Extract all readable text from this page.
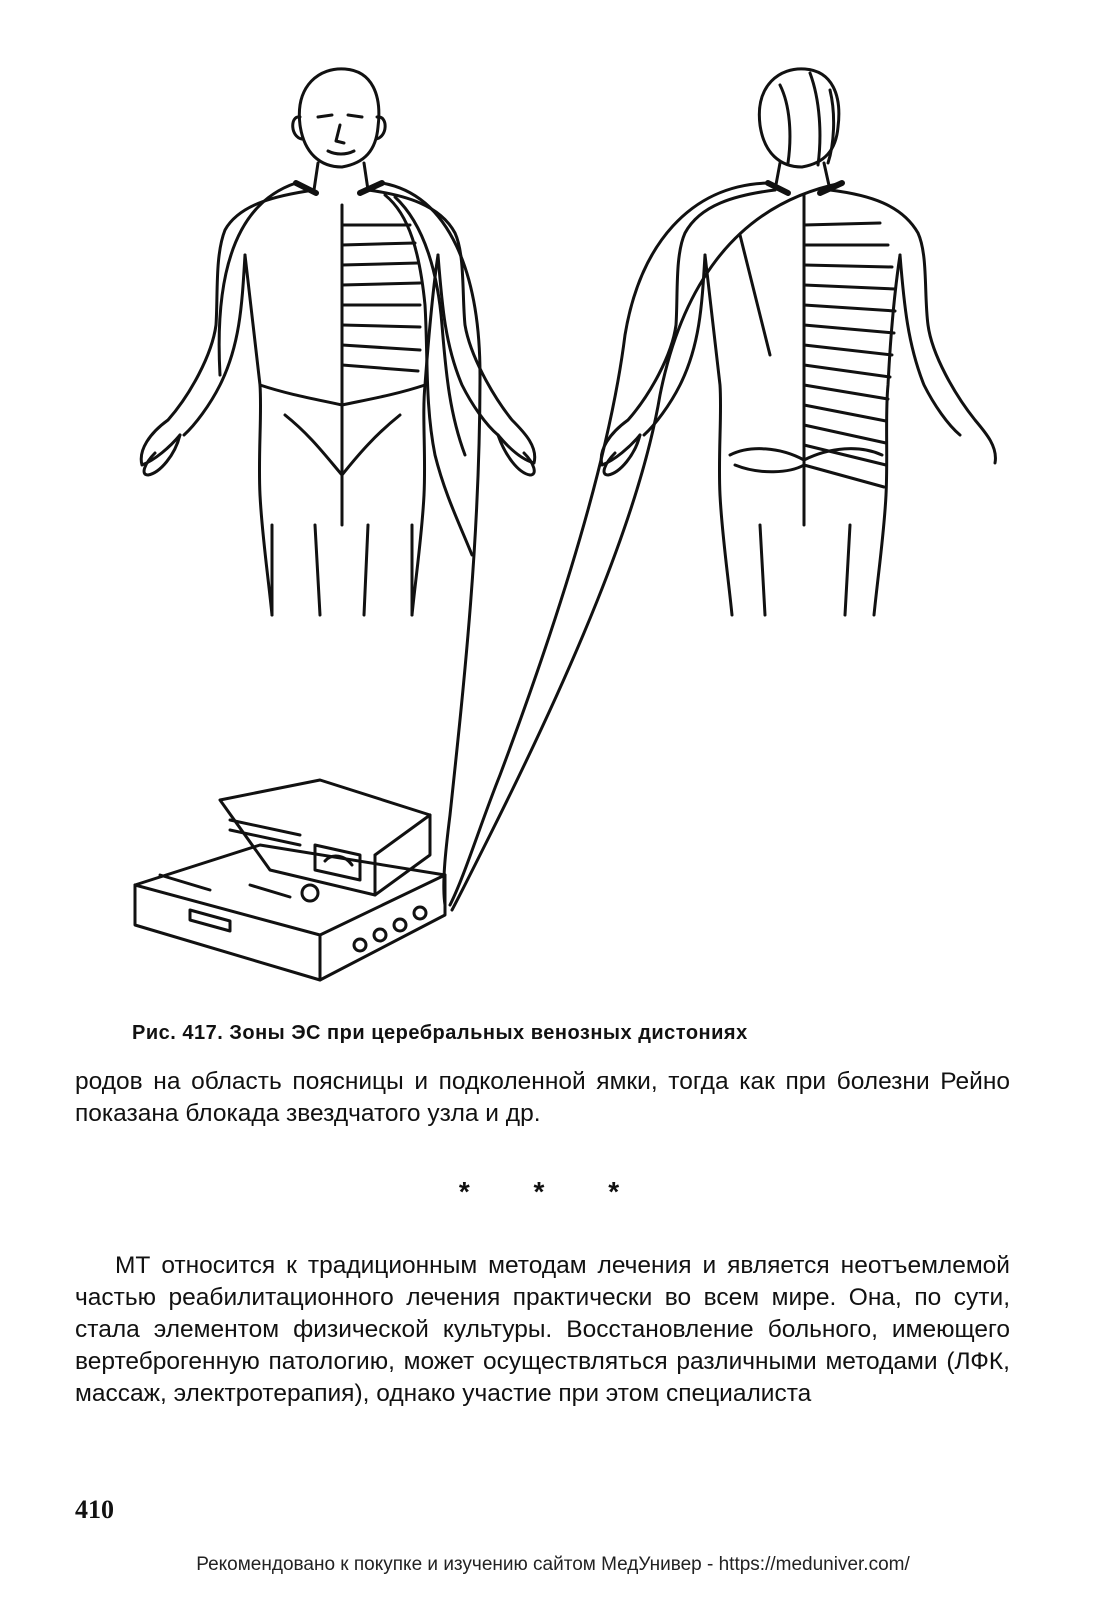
Рис. 417. Зоны ЭС при церебральных венозных дистониях
родов на область поясницы и подколенной ямки, тогда как при болезни Рейно показана блокада звездчатого узла и др.
* * *
МТ относится к традиционным методам лечения и является неотъемлемой частью реабилитационного лечения практически во всем мире. Она, по сути, стала элементом физической культуры. Восстановление больного, имеющего вертеброгенную патологию, может осуществляться различными методами (ЛФК, массаж, электротерапия), однако участие при этом специалиста
410
Рекомендовано к покупке и изучению сайтом МедУнивер - https://meduniver.com/
